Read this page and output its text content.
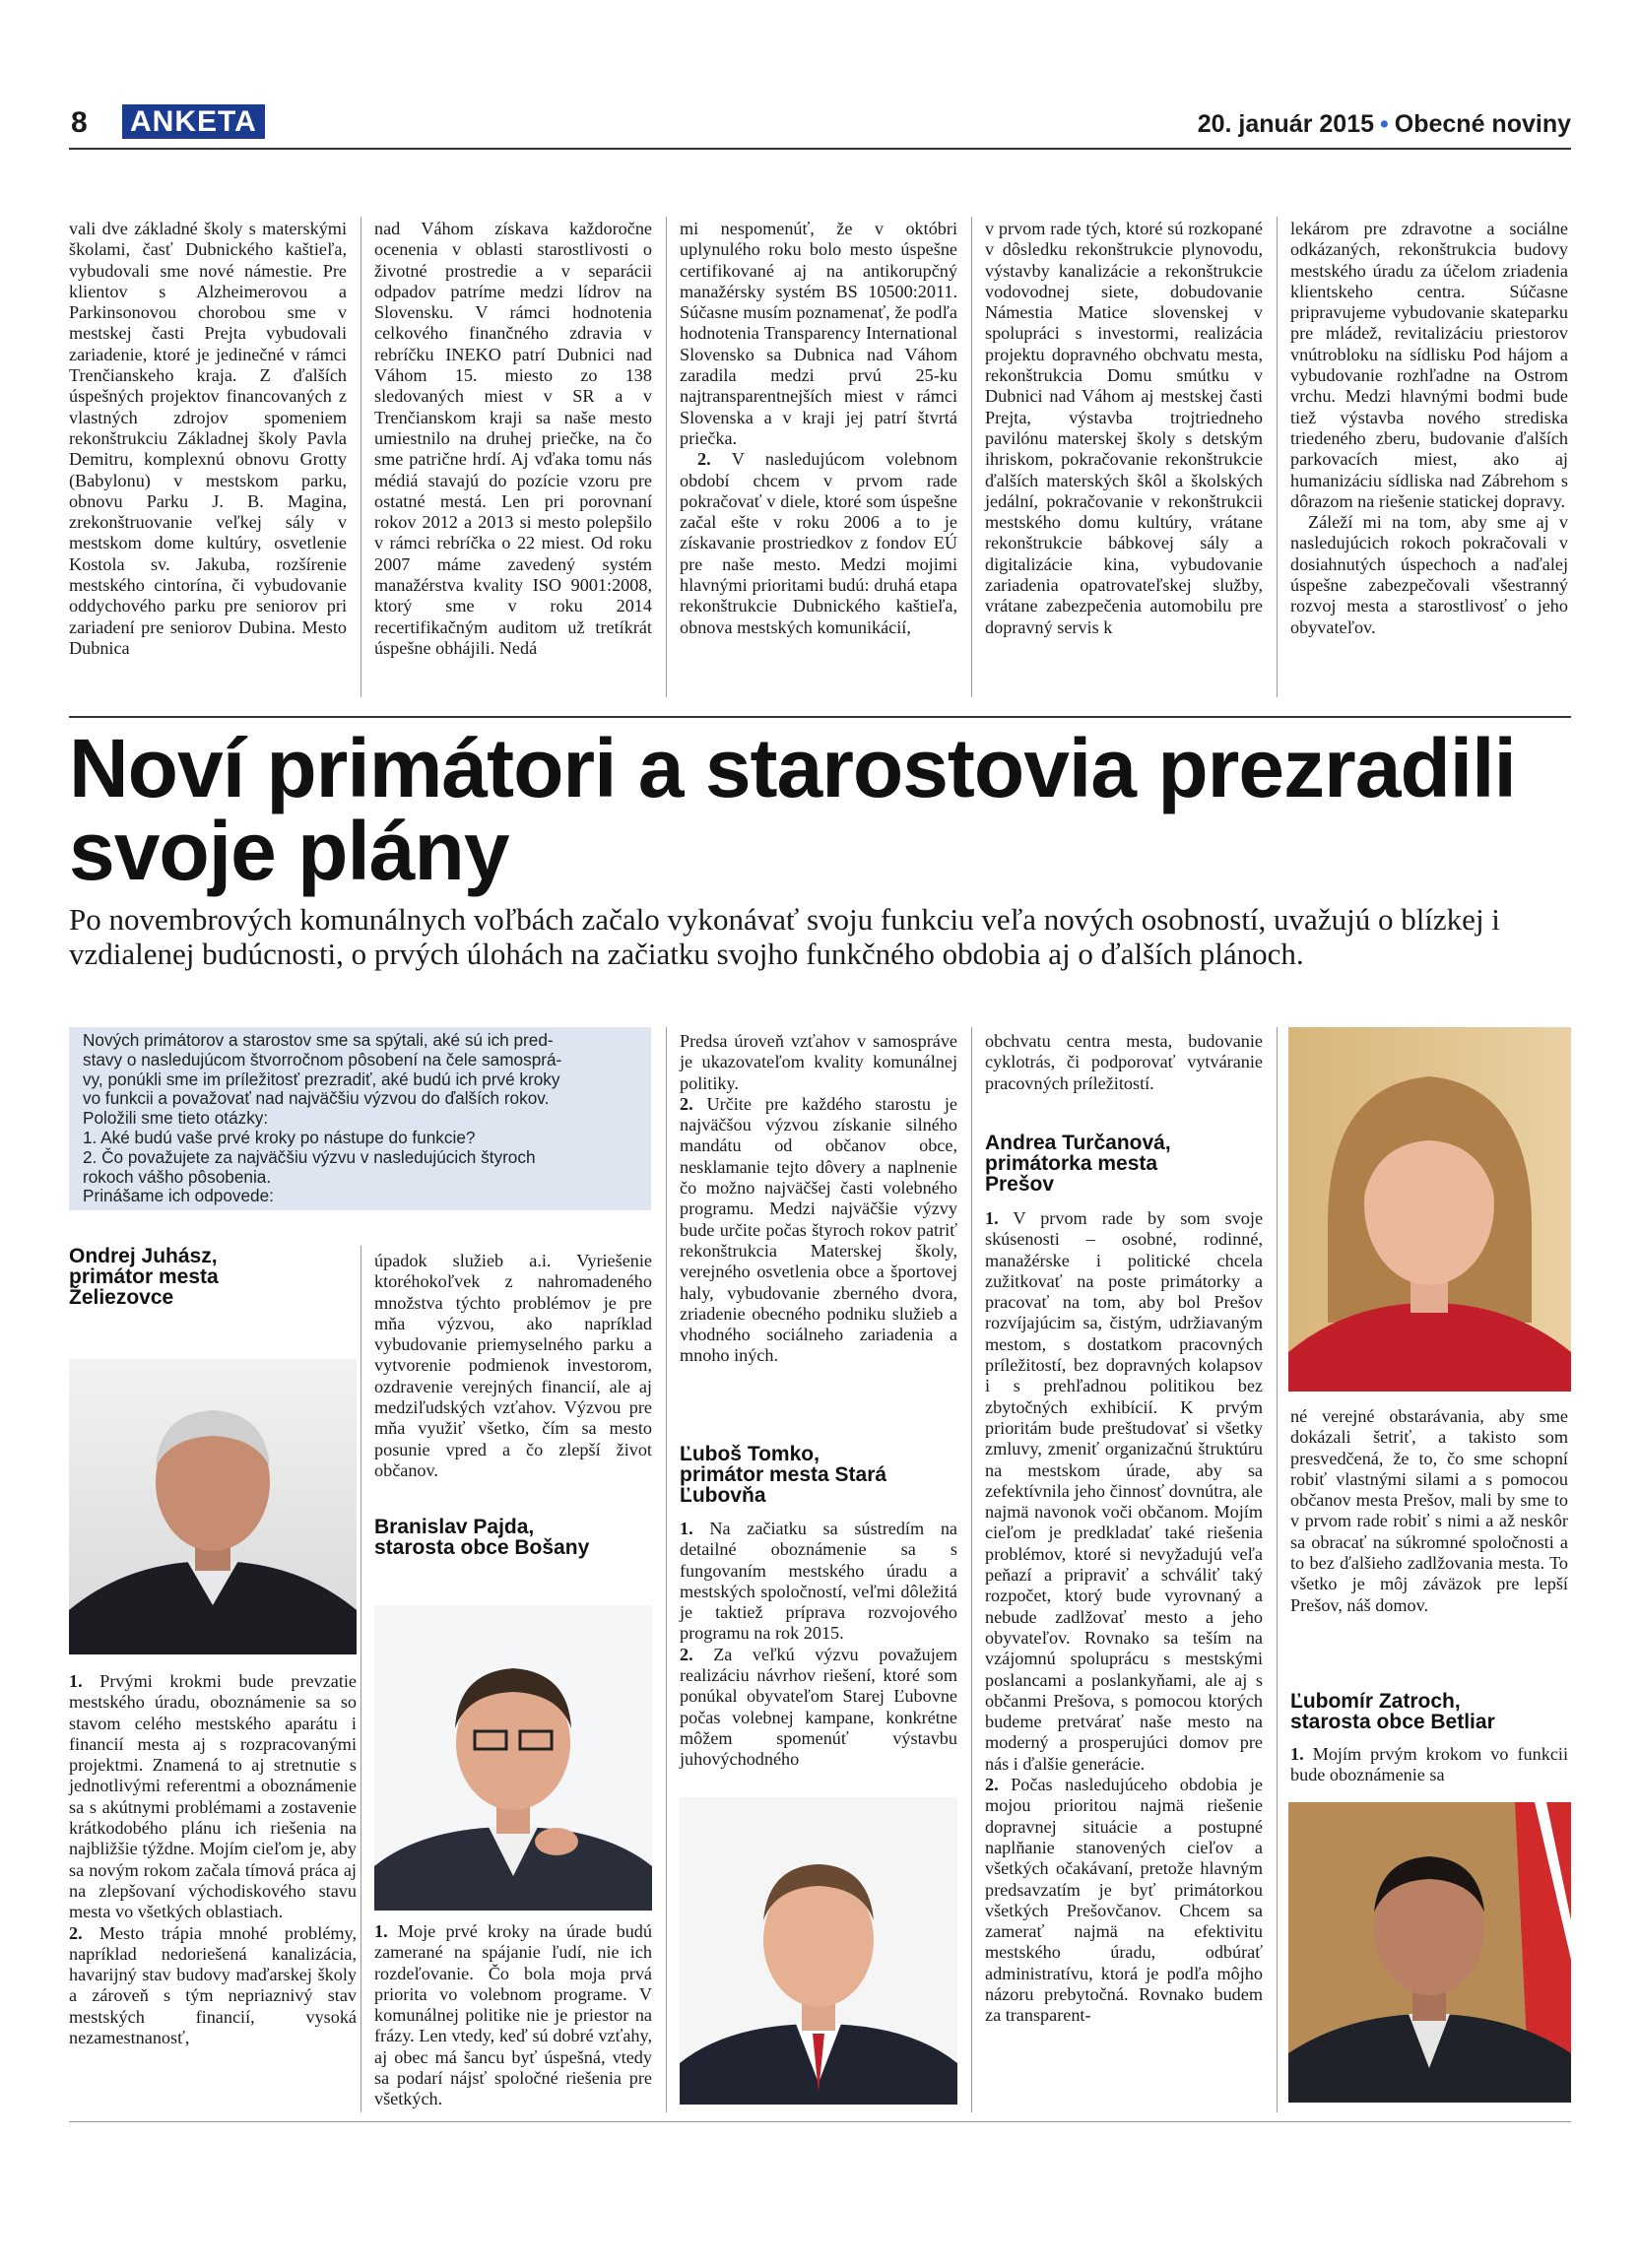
8 ANKETA	20. január 2015 • Obecné noviny

vali dve základné školy s materskými školami, časť Dubnického kaštieľa, vybudovali sme nové námestie. Pre klientov s Alzheimerovou a Parkinsonovou chorobou sme v mestskej časti Prejta vybudovali zariadenie, ktoré je jedinečné v rámci Trenčianskeho kraja. Z ďalších úspešných projektov financovaných z vlastných zdrojov spomeniem rekonštrukciu Základnej školy Pavla Demitru, komplexnú obnovu Grotty (Babylonu) v mestskom parku, obnovu Parku J. B. Magina, zrekonštruovanie veľkej sály v mestskom dome kultúry, osvetlenie Kostola sv. Jakuba, rozšírenie mestského cintorína, či vybudovanie oddychového parku pre seniorov pri zariadení pre seniorov Dubina. Mesto Dubnica

nad Váhom získava každoročne ocenenia v oblasti starostlivosti o životné prostredie a v separácii odpadov patríme medzi lídrov na Slovensku. V rámci hodnotenia celkového finančného zdravia v rebríčku INEKO patrí Dubnici nad Váhom 15. miesto zo 138 sledovaných miest v SR a v Trenčianskom kraji sa naše mesto umiestnilo na druhej priečke, na čo sme patrične hrdí. Aj vďaka tomu nás médiá stavajú do pozície vzoru pre ostatné mestá. Len pri porovnaní rokov 2012 a 2013 si mesto polepšilo v rámci rebríčka o 22 miest. Od roku 2007 máme zavedený systém manažérstva kvality ISO 9001:2008, ktorý sme v roku 2014 recertifikačným auditom už tretíkrát úspešne obhájili. Nedá

mi nespomenúť, že v októbri uplynulého roku bolo mesto úspešne certifikované aj na antikorupčný manažérsky systém BS 10500:2011. Súčasne musím poznamenať, že podľa hodnotenia Transparency International Slovensko sa Dubnica nad Váhom zaradila medzi prvú 25-ku najtransparentnejších miest v rámci Slovenska a v kraji jej patrí štvrtá priečka.

2. V nasledujúcom volebnom období chcem v prvom rade pokračovať v diele, ktoré som úspešne začal ešte v roku 2006 a to je získavanie prostriedkov z fondov EÚ pre naše mesto. Medzi mojimi hlavnými prioritami budú: druhá etapa rekonštrukcie Dubnického kaštieľa, obnova mestských komunikácií,

v prvom rade tých, ktoré sú rozkopané v dôsledku rekonštrukcie plynovodu, výstavby kanalizácie a rekonštrukcie vodovodnej siete, dobudovanie Námestia Matice slovenskej v spolupráci s investormi, realizácia projektu dopravného obchvatu mesta, rekonštrukcia Domu smútku v Dubnici nad Váhom aj mestskej časti Prejta, výstavba trojtriedneho pavilónu materskej školy s detským ihriskom, pokračovanie rekonštrukcie ďalších materských škôl a školských jedální, pokračovanie v rekonštrukcii mestského domu kultúry, vrátane rekonštrukcie bábkovej sály a digitalizácie kina, vybudovanie zariadenia opatrovateľskej služby, vrátane zabezpečenia automobilu pre dopravný servis k

lekárom pre zdravotne a sociálne odkázaných, rekonštrukcia budovy mestského úradu za účelom zriadenia klientskeho centra. Súčasne pripravujeme vybudovanie skateparku pre mládež, revitalizáciu priestorov vnútrobloku na sídlisku Pod hájom a vybudovanie rozhľadne na Ostrom vrchu. Medzi hlavnými bodmi bude tiež výstavba nového strediska triedeného zberu, budovanie ďalších parkovacích miest, ako aj humanizáciu sídliska nad Zábrehom s dôrazom na riešenie statickej dopravy.

Záleží mi na tom, aby sme aj v nasledujúcich rokoch pokračovali v dosiahnutých úspechoch a naďalej úspešne zabezpečovali všestranný rozvoj mesta a starostlivosť o jeho obyvateľov.

Noví primátori a starostovia prezradili
svoje plány
Po novembrových komunálnych voľbách začalo vykonávať svoju funkciu veľa nových osobností, uvažujú o blízkej i vzdialenej budúcnosti, o prvých úlohách na začiatku svojho funkčného obdobia aj o ďalších plánoch.
Nových primátorov a starostov sme sa spýtali, aké sú ich pred-
stavy o nasledujúcom štvorročnom pôsobení na čele samosprá-
vy, ponúkli sme im príležitosť prezradiť, aké budú ich prvé kroky
vo funkcii a považovať nad najväčšiu výzvou do ďalších rokov.
Položili sme tieto otázky:
1. Aké budú vaše prvé kroky po nástupe do funkcie?
2. Čo považujete za najväčšiu výzvu v nasledujúcich štyroch
rokoch vášho pôsobenia.
Prinášame ich odpovede:
Ondrej Juhász,
primátor mesta
Želiezovce

1. Prvými krokmi bude prevzatie mestského úradu, oboznámenie sa so stavom celého mestského aparátu i financií mesta aj s rozpracovanými projektmi. Znamená to aj stretnutie s jednotlivými referentmi a oboznámenie sa s akútnymi problémami a zostavenie krátkodobého plánu ich riešenia na najbližšie týždne. Mojím cieľom je, aby sa novým rokom začala tímová práca aj na zlepšovaní východiskového stavu mesta vo všetkých oblastiach.

2. Mesto trápia mnohé problémy, napríklad nedoriešená kanalizácia, havarijný stav budovy maďarskej školy a zároveň s tým nepriaznivý stav mestských financií, vysoká nezamestnanosť,

úpadok služieb a.i. Vyriešenie ktoréhokoľvek z nahromadeného množstva týchto problémov je pre mňa výzvou, ako napríklad vybudovanie priemyselného parku a vytvorenie podmienok investorom, ozdravenie verejných financií, ale aj medziľudských vzťahov. Výzvou pre mňa využiť všetko, čím sa mesto posunie vpred a čo zlepší život občanov.

Branislav Pajda,
starosta obce Bošany

1. Moje prvé kroky na úrade budú zamerané na spájanie ľudí, nie ich rozdeľovanie. Čo bola moja prvá priorita vo volebnom programe. V komunálnej politike nie je priestor na frázy. Len vtedy, keď sú dobré vzťahy, aj obec má šancu byť úspešná, vtedy sa podarí nájsť spoločné riešenia pre všetkých.

Predsa úroveň vzťahov v samospráve je ukazovateľom kvality komunálnej politiky.

2. Určite pre každého starostu je najväčšou výzvou získanie silného mandátu od občanov obce, nesklamanie tejto dôvery a naplnenie čo možno najväčšej časti volebného programu. Medzi najväčšie výzvy bude určite počas štyroch rokov patriť rekonštrukcia Materskej školy, verejného osvetlenia obce a športovej haly, vybudovanie zberného dvora, zriadenie obecného podniku služieb a vhodného sociálneho zariadenia a mnoho iných.

Ľuboš Tomko,
primátor mesta Stará
Ľubovňa

1. Na začiatku sa sústredím na detailné oboznámenie sa s fungovaním mestského úradu a mestských spoločností, veľmi dôležitá je taktiež príprava rozvojového programu na rok 2015.

2. Za veľkú výzvu považujem realizáciu návrhov riešení, ktoré som ponúkal obyvateľom Starej Ľubovne počas volebnej kampane, konkrétne môžem spomenúť výstavbu juhovýchodného

obchvatu centra mesta, budovanie cyklotrás, či podporovať vytváranie pracovných príležitostí.

Andrea Turčanová,
primátorka mesta
Prešov

1. V prvom rade by som svoje skúsenosti – osobné, rodinné, manažérske i politické chcela zužitkovať na poste primátorky a pracovať na tom, aby bol Prešov rozvíjajúcim sa, čistým, udržiavaným mestom, s dostatkom pracovných príležitostí, bez dopravných kolapsov i s prehľadnou politikou bez zbytočných exhibícií. K prvým prioritám bude preštudovať si všetky zmluvy, zmeniť organizačnú štruktúru na mestskom úrade, aby sa zefektívnila jeho činnosť dovnútra, ale najmä navonok voči občanom. Mojím cieľom je predkladať také riešenia problémov, ktoré si nevyžadujú veľa peňazí a pripraviť a schváliť taký rozpočet, ktorý bude vyrovnaný a nebude zadlžovať mesto a jeho obyvateľov. Rovnako sa teším na vzájomnú spoluprácu s mestskými poslancami a poslankyňami, ale aj s občanmi Prešova, s pomocou ktorých budeme pretvárať naše mesto na moderný a prosperujúci domov pre nás i ďalšie generácie.

2. Počas nasledujúceho obdobia je mojou prioritou najmä riešenie dopravnej situácie a postupné naplňanie stanovených cieľov a všetkých očakávaní, pretože hlavným predsavzatím je byť primátorkou všetkých Prešovčanov. Chcem sa zamerať najmä na efektivitu mestského úradu, odbúrať administratívu, ktorá je podľa môjho názoru prebytočná. Rovnako budem za transparent-

né verejné obstarávania, aby sme dokázali šetriť, a takisto som presvedčená, že to, čo sme schopní robiť vlastnými silami a s pomocou občanov mesta Prešov, mali by sme to v prvom rade robiť s nimi a až neskôr sa obracať na súkromné spoločnosti a to bez ďalšieho zadlžovania mesta. To všetko je môj záväzok pre lepší Prešov, náš domov.

Ľubomír Zatroch,
starosta obce Betliar

1. Mojím prvým krokom vo funkcii bude oboznámenie sa
